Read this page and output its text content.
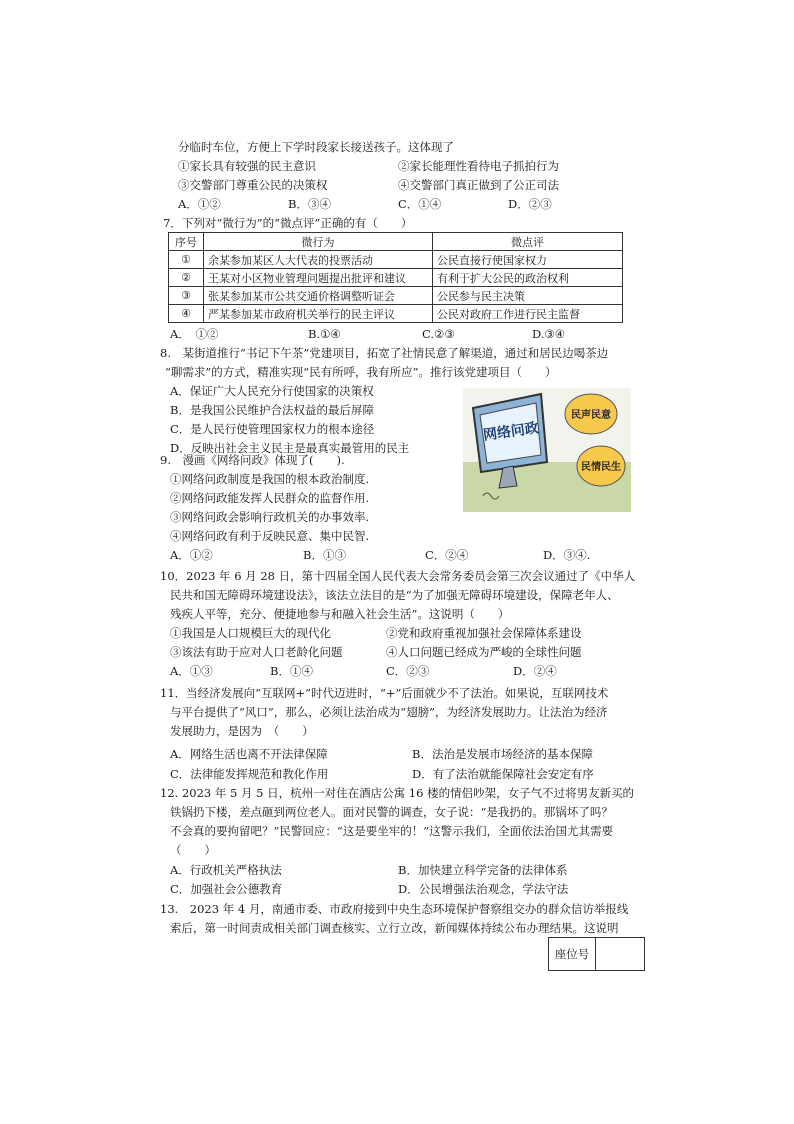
分临时车位，方便上下学时段家长接送孩子。这体现了
①家长具有较强的民主意识	②家长能理性看待电子抓拍行为
③交警部门尊重公民的决策权	④交警部门真正做到了公正司法
A．①②	B．③④	C．①④	D．②③
7．下列对“微行为”的“微点评”正确的有（　　）
序号	微行为	微点评
①	余某参加某区人大代表的投票活动	公民直接行使国家权力
②	王某对小区物业管理问题提出批评和建议	有利于扩大公民的政治权利
③	张某参加某市公共交通价格调整听证会	公民参与民主决策
④	严某参加某市政府机关举行的民主评议	公民对政府工作进行民主监督
A．　①②	B.①④	C.②③	D.③④
8.　某街道推行“书记下午茶”党建项目，拓宽了社情民意了解渠道，通过和居民边喝茶边
“聊需求”的方式，精准实现“民有所呼，我有所应”。推行该党建项目（　　）
A．保证广大人民充分行使国家的决策权
B．是我国公民维护合法权益的最后屏障
C．是人民行使管理国家权力的根本途径
D．反映出社会主义民主是最真实最管用的民主
网络问政
民声民意
民情民生
9.　漫画《网络问政》体现了(　　).
①网络问政制度是我国的根本政治制度.
②网络问政能发挥人民群众的监督作用.
③网络问政会影响行政机关的办事效率.
④网络问政有利于反映民意、集中民智.
A．①②	B．①③	C．②④	D．③④.
10．2023 年 6 月 28 日，第十四届全国人民代表大会常务委员会第三次会议通过了《中华人
民共和国无障碍环境建设法》，该法立法目的是“为了加强无障碍环境建设，保障老年人、
残疾人平等，充分、便捷地参与和融入社会生活”。这说明（　　）
①我国是人口规模巨大的现代化	②党和政府重视加强社会保障体系建设
③该法有助于应对人口老龄化问题	④人口问题已经成为严峻的全球性问题
A．①③	B．①④	C．②③	D．②④
11．当经济发展向“互联网+”时代迈进时，“+”后面就少不了法治。如果说，互联网技术
与平台提供了“风口”，那么，必须让法治成为“翅膀”，为经济发展助力。让法治为经济
发展助力，是因为　（　　）
A．网络生活也离不开法律保障	B．法治是发展市场经济的基本保障
C．法律能发挥规范和教化作用	D．有了法治就能保障社会安定有序
12. 2023 年 5 月 5 日，杭州一对住在酒店公寓 16 楼的情侣吵架，女子气不过将男友新买的
铁锅扔下楼，差点砸到两位老人。面对民警的调查，女子说：“是我扔的。那锅坏了吗？
不会真的要拘留吧？”民警回应：“这是要坐牢的！”这警示我们，全面依法治国尤其需要
（　　）
A．行政机关严格执法	B．加快建立科学完备的法律体系
C．加强社会公德教育	D．公民增强法治观念，学法守法
13.　2023 年 4 月，南通市委、市政府接到中央生态环境保护督察组交办的群众信访举报线
索后，第一时间责成相关部门调查核实、立行立改，新闻媒体持续公布办理结果。这说明
座位号
